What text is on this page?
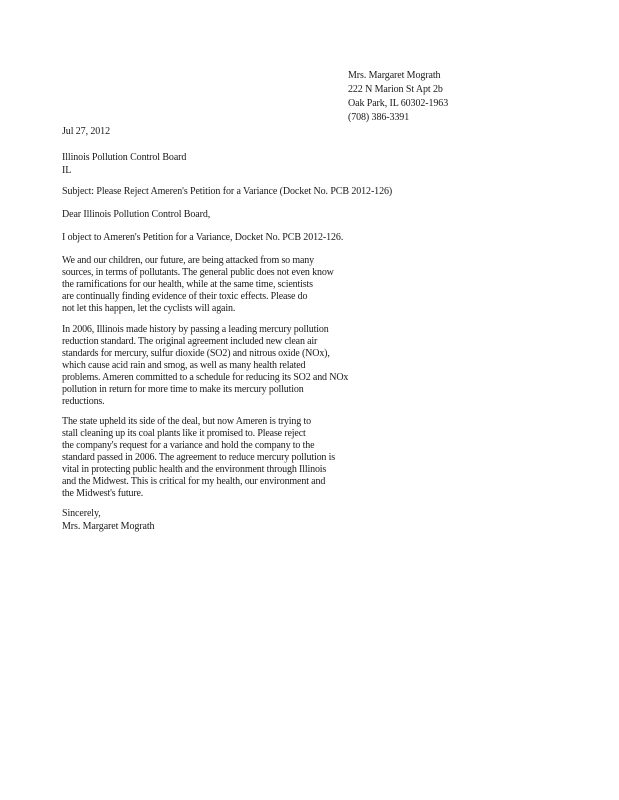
Mrs. Margaret Mograth
222 N Marion St Apt 2b
Oak Park, IL 60302-1963
(708) 386-3391
Jul 27, 2012
Illinois Pollution Control Board
IL
Subject: Please Reject Ameren's Petition for a Variance (Docket No. PCB 2012-126)
Dear Illinois Pollution Control Board,
I object to Ameren's Petition for a Variance, Docket No. PCB 2012-126.
We and our children, our future, are being attacked from so many
sources, in terms of pollutants. The general public does not even know
the ramifications for our health, while at the same time, scientists
are continually finding evidence of their toxic effects. Please do
not let this happen, let the cyclists will again.
In 2006, Illinois made history by passing a leading mercury pollution
reduction standard. The original agreement included new clean air
standards for mercury, sulfur dioxide (SO2) and nitrous oxide (NOx),
which cause acid rain and smog, as well as many health related
problems. Ameren committed to a schedule for reducing its SO2 and NOx
pollution in return for more time to make its mercury pollution
reductions.
The state upheld its side of the deal, but now Ameren is trying to
stall cleaning up its coal plants like it promised to. Please reject
the company's request for a variance and hold the company to the
standard passed in 2006. The agreement to reduce mercury pollution is
vital in protecting public health and the environment through Illinois
and the Midwest. This is critical for my health, our environment and
the Midwest's future.
Sincerely,
Mrs. Margaret Mograth
